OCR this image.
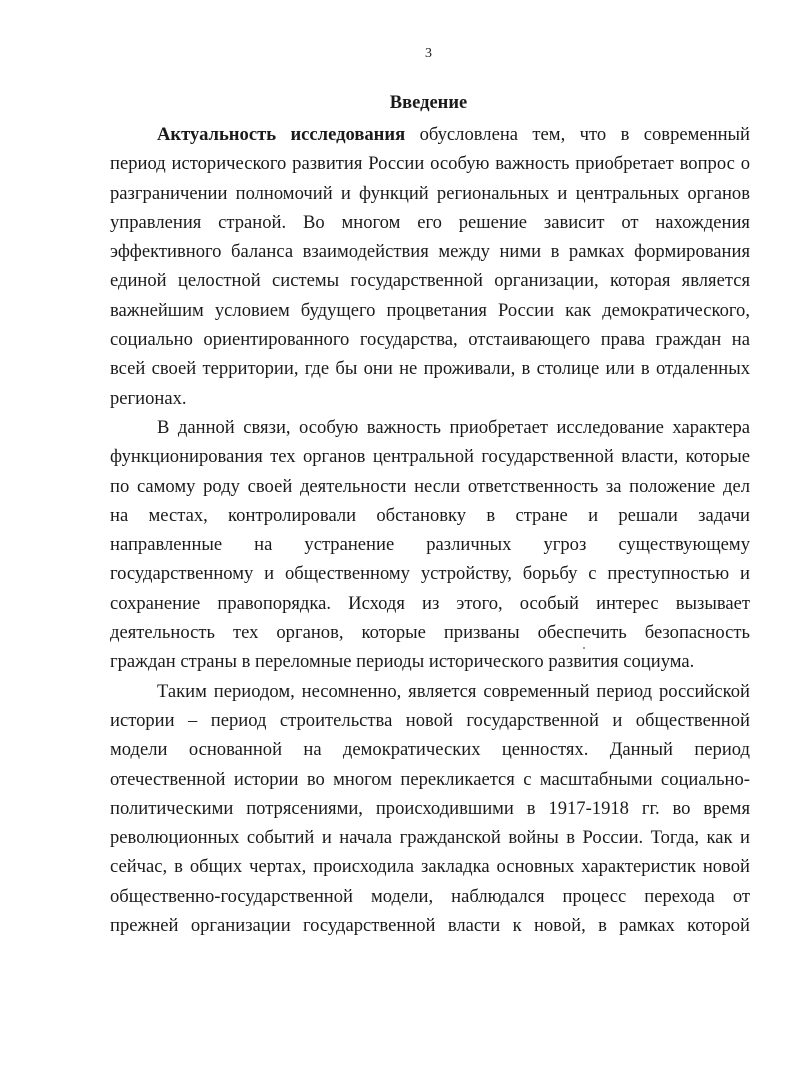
3
Введение
Актуальность исследования обусловлена тем, что в современный
период исторического развития России особую важность приобретает вопрос о
разграничении полномочий и функций региональных и центральных органов
управления страной. Во многом его решение зависит от нахождения
эффективного баланса взаимодействия между ними в рамках формирования
единой целостной системы государственной организации, которая является
важнейшим условием будущего процветания России как демократического,
социально ориентированного государства, отстаивающего права граждан на
всей своей территории, где бы они не проживали, в столице или в отдаленных
регионах.
В данной связи, особую важность приобретает исследование характера
функционирования тех органов центральной государственной власти, которые
по самому роду своей деятельности несли ответственность за положение дел
на местах, контролировали обстановку в стране и решали задачи
направленные на устранение различных угроз существующему
государственному и общественному устройству, борьбу с преступностью и
сохранение правопорядка. Исходя из этого, особый интерес вызывает
деятельность тех органов, которые призваны обеспечить безопасность
граждан страны в переломные периоды исторического развития социума.
Таким периодом, несомненно, является современный период российской
истории – период строительства новой государственной и общественной
модели основанной на демократических ценностях. Данный период
отечественной истории во многом перекликается с масштабными социально-
политическими потрясениями, происходившими в 1917-1918 гг. во время
революционных событий и начала гражданской войны в России. Тогда, как и
сейчас, в общих чертах, происходила закладка основных характеристик новой
общественно-государственной модели, наблюдался процесс перехода от
прежней организации государственной власти к новой, в рамках которой
